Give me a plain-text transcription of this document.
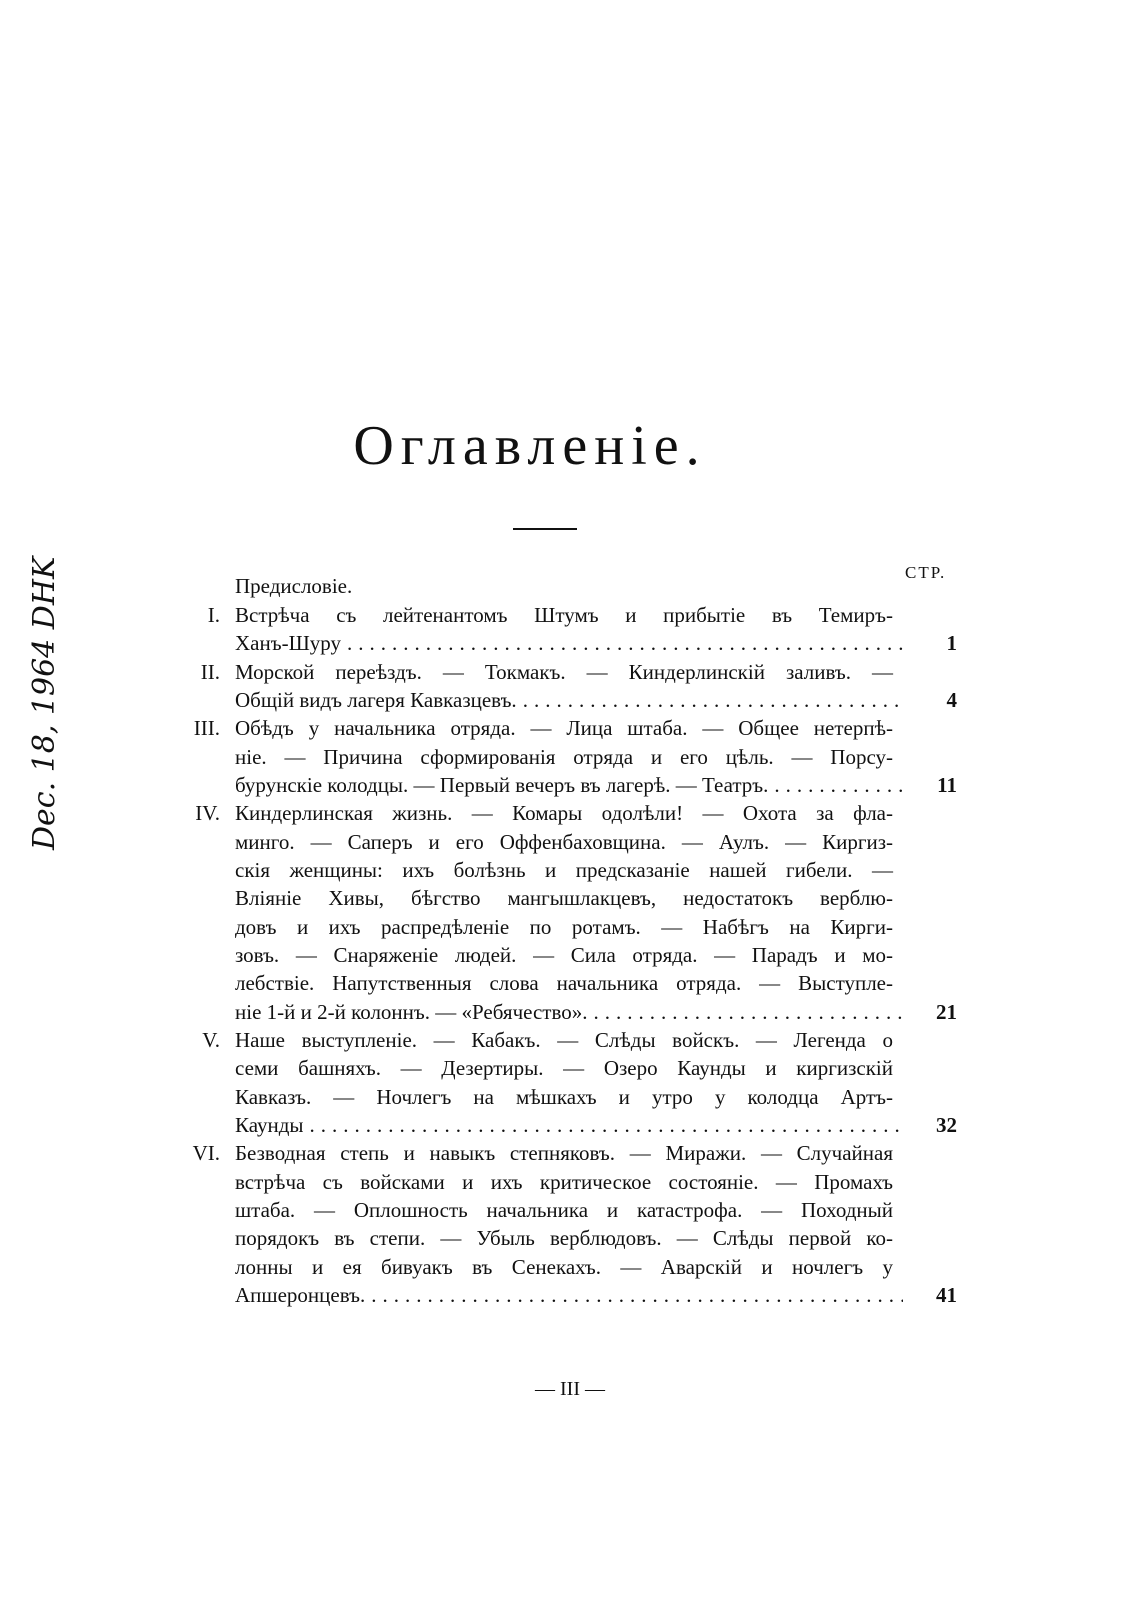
Оглавленіе.
СТР.
Предисловіе.
I. Встрѣча съ лейтенантомъ Штумъ и прибытіе въ Темиръ-
Ханъ-Шуру .....	1
II. Морской переѣздъ. — Токмакъ. — Киндерлинскій заливъ. —
Общій видъ лагеря Кавказцевъ. .....	4
III. Обѣдъ у начальника отряда. — Лица штаба. — Общее нетерпѣ-
ніе. — Причина сформированія отряда и его цѣль. — Порсу-
бурунскіе колодцы. — Первый вечеръ въ лагерѣ. — Театръ. .....	11
IV. Киндерлинская жизнь. — Комары одолѣли! — Охота за фла-
минго. — Саперъ и его Оффенбаховщина. — Аулъ. — Киргиз-
скія женщины: ихъ болѣзнь и предсказаніе нашей гибели. —
Вліяніе Хивы, бѣгство мангышлакцевъ, недостатокъ верблю-
довъ и ихъ распредѣленіе по ротамъ. — Набѣгъ на Кирги-
зовъ. — Снаряженіе людей. — Сила отряда. — Парадъ и мо-
лебствіе. Напутственныя слова начальника отряда. — Выступле-
ніе 1-й и 2-й колоннъ. — «Ребячество». .....	21
V. Наше выступленіе. — Кабакъ. — Слѣды войскъ. — Легенда о
семи башняхъ. — Дезертиры. — Озеро Каунды и киргизскій
Кавказъ. — Ночлегъ на мѣшкахъ и утро у колодца Артъ-
Каунды .....	32
VI. Безводная степь и навыкъ степняковъ. — Миражи. — Случайная
встрѣча съ войсками и ихъ критическое состояніе. — Промахъ
штаба. — Оплошность начальника и катастрофа. — Походный
порядокъ въ степи. — Убыль верблюдовъ. — Слѣды первой ко-
лонны и ея бивуакъ въ Сенекахъ. — Аварскій и ночлегъ у
Апшеронцевъ. .....	41
— III —
Dec. 18, 1964 DHK
